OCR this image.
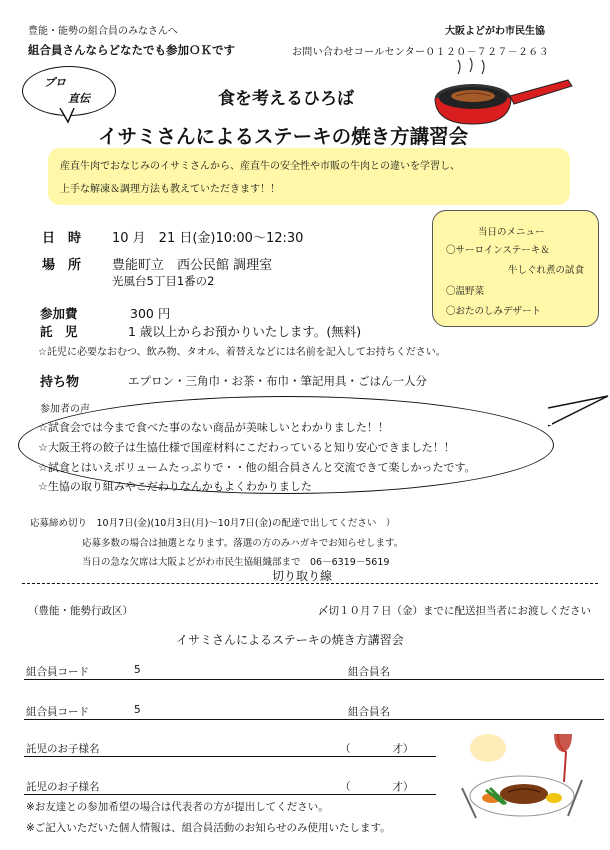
豊能・能勢の組合員のみなさんへ	大阪よどがわ市民生協
組合員さんならどなたでも参加ＯＫです	お問い合わせコールセンター０１２０－７２７－２６３
プロ
直伝	食を考えるひろば
イサミさんによるステーキの焼き方講習会
産直牛肉でおなじみのイサミさんから、産直牛の安全性や市販の牛肉との違いを学習し、
上手な解凍＆調理方法も教えていただきます！！
日　時 10 月　21 日(金)10:00～12:30
場　所 豊能町立　西公民館 調理室
光風台5丁目1番の2
参加費	300 円
託　児	1 歳以上からお預かりいたします。(無料)
☆託児に必要なおむつ、飲み物、タオル、着替えなどには名前を記入してお持ちください。
持ち物	エプロン・三角巾・お茶・布巾・筆記用具・ごはん一人分
当日のメニュー
〇サーロインステーキ＆
牛しぐれ煮の試食
〇温野菜
〇おたのしみデザート
参加者の声
☆試食会では今まで食べた事のない商品が美味しいとわかりました！！
☆大阪王将の餃子は生協仕様で国産材料にこだわっていると知り安心できました！！
☆試食とはいえボリュームたっぷりで・・他の組合員さんと交流できて楽しかったです。
☆生協の取り組みやこだわりなんかもよくわかりました
応募締め切り　10月7日(金)(10月3日(月)～10月7日(金)の配達で出してください　）
応募多数の場合は抽選となります。落選の方のみハガキでお知らせします。
当日の急な欠席は大阪よどがわ市民生協組織部まで　06－6319－5619
切り取り線
（豊能・能勢行政区）	〆切１０月７日（金）までに配送担当者にお渡しください
イサミさんによるステーキの焼き方講習会
組合員コード	5	組合員名
組合員コード	5	組合員名
託児のお子様名	（　　　　才）
託児のお子様名	（　　　　才）
※お友達との参加希望の場合は代表者の方が提出してください。
※ご記入いただいた個人情報は、組合員活動のお知らせのみ使用いたします。
